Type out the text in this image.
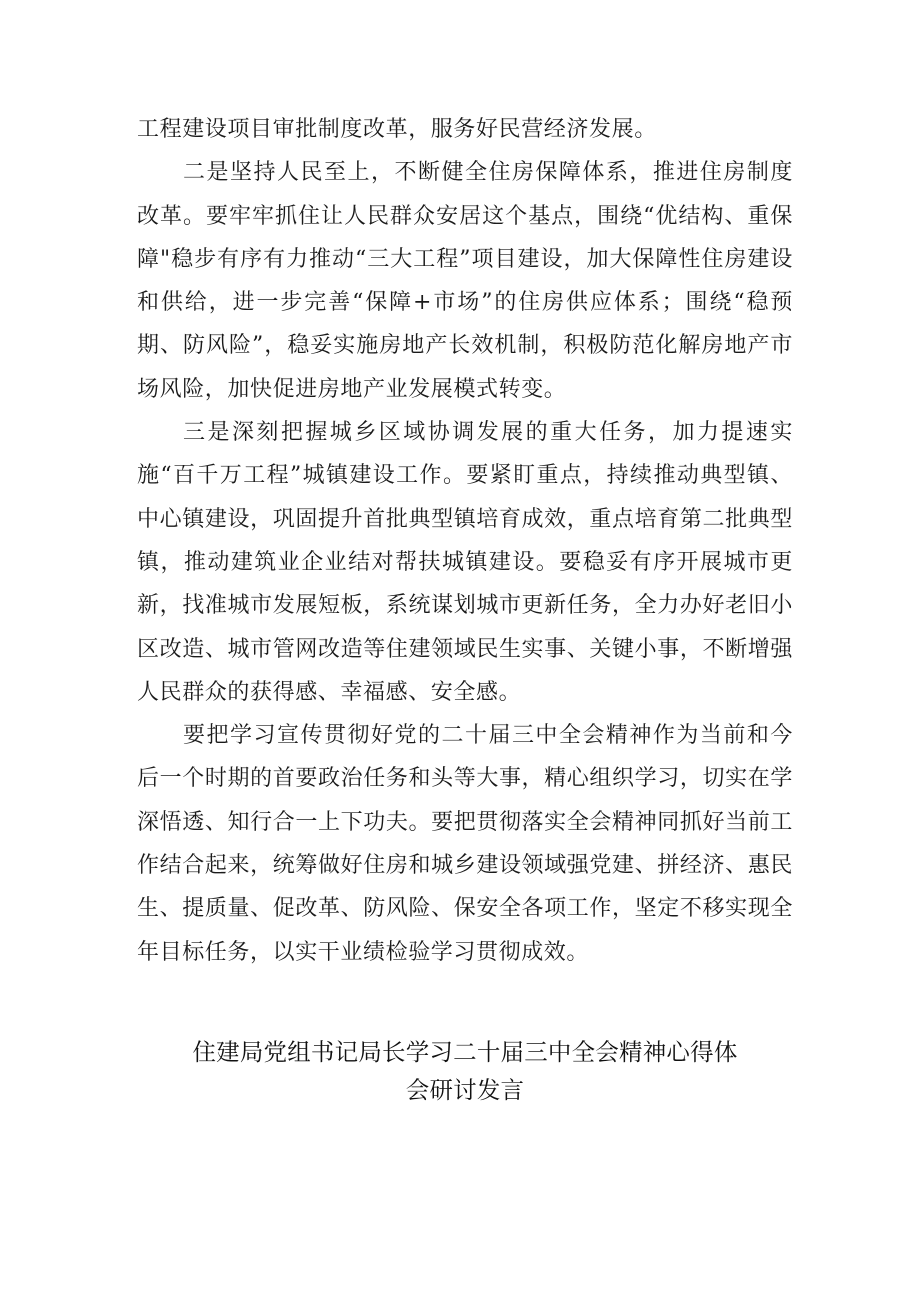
工程建设项目审批制度改革，服务好民营经济发展。

二是坚持人民至上，不断健全住房保障体系，推进住房制度改革。要牢牢抓住让人民群众安居这个基点，围绕“优结构、重保障"稳步有序有力推动“三大工程”项目建设，加大保障性住房建设和供给，进一步完善“保障+市场”的住房供应体系；围绕“稳预期、防风险”，稳妥实施房地产长效机制，积极防范化解房地产市场风险，加快促进房地产业发展模式转变。

三是深刻把握城乡区域协调发展的重大任务，加力提速实施“百千万工程”城镇建设工作。要紧盯重点，持续推动典型镇、中心镇建设，巩固提升首批典型镇培育成效，重点培育第二批典型镇，推动建筑业企业结对帮扶城镇建设。要稳妥有序开展城市更新，找准城市发展短板，系统谋划城市更新任务，全力办好老旧小区改造、城市管网改造等住建领域民生实事、关键小事，不断增强人民群众的获得感、幸福感、安全感。

要把学习宣传贯彻好党的二十届三中全会精神作为当前和今后一个时期的首要政治任务和头等大事，精心组织学习，切实在学深悟透、知行合一上下功夫。要把贯彻落实全会精神同抓好当前工作结合起来，统筹做好住房和城乡建设领域强党建、拼经济、惠民生、提质量、促改革、防风险、保安全各项工作，坚定不移实现全年目标任务，以实干业绩检验学习贯彻成效。

住建局党组书记局长学习二十届三中全会精神心得体
会研讨发言
